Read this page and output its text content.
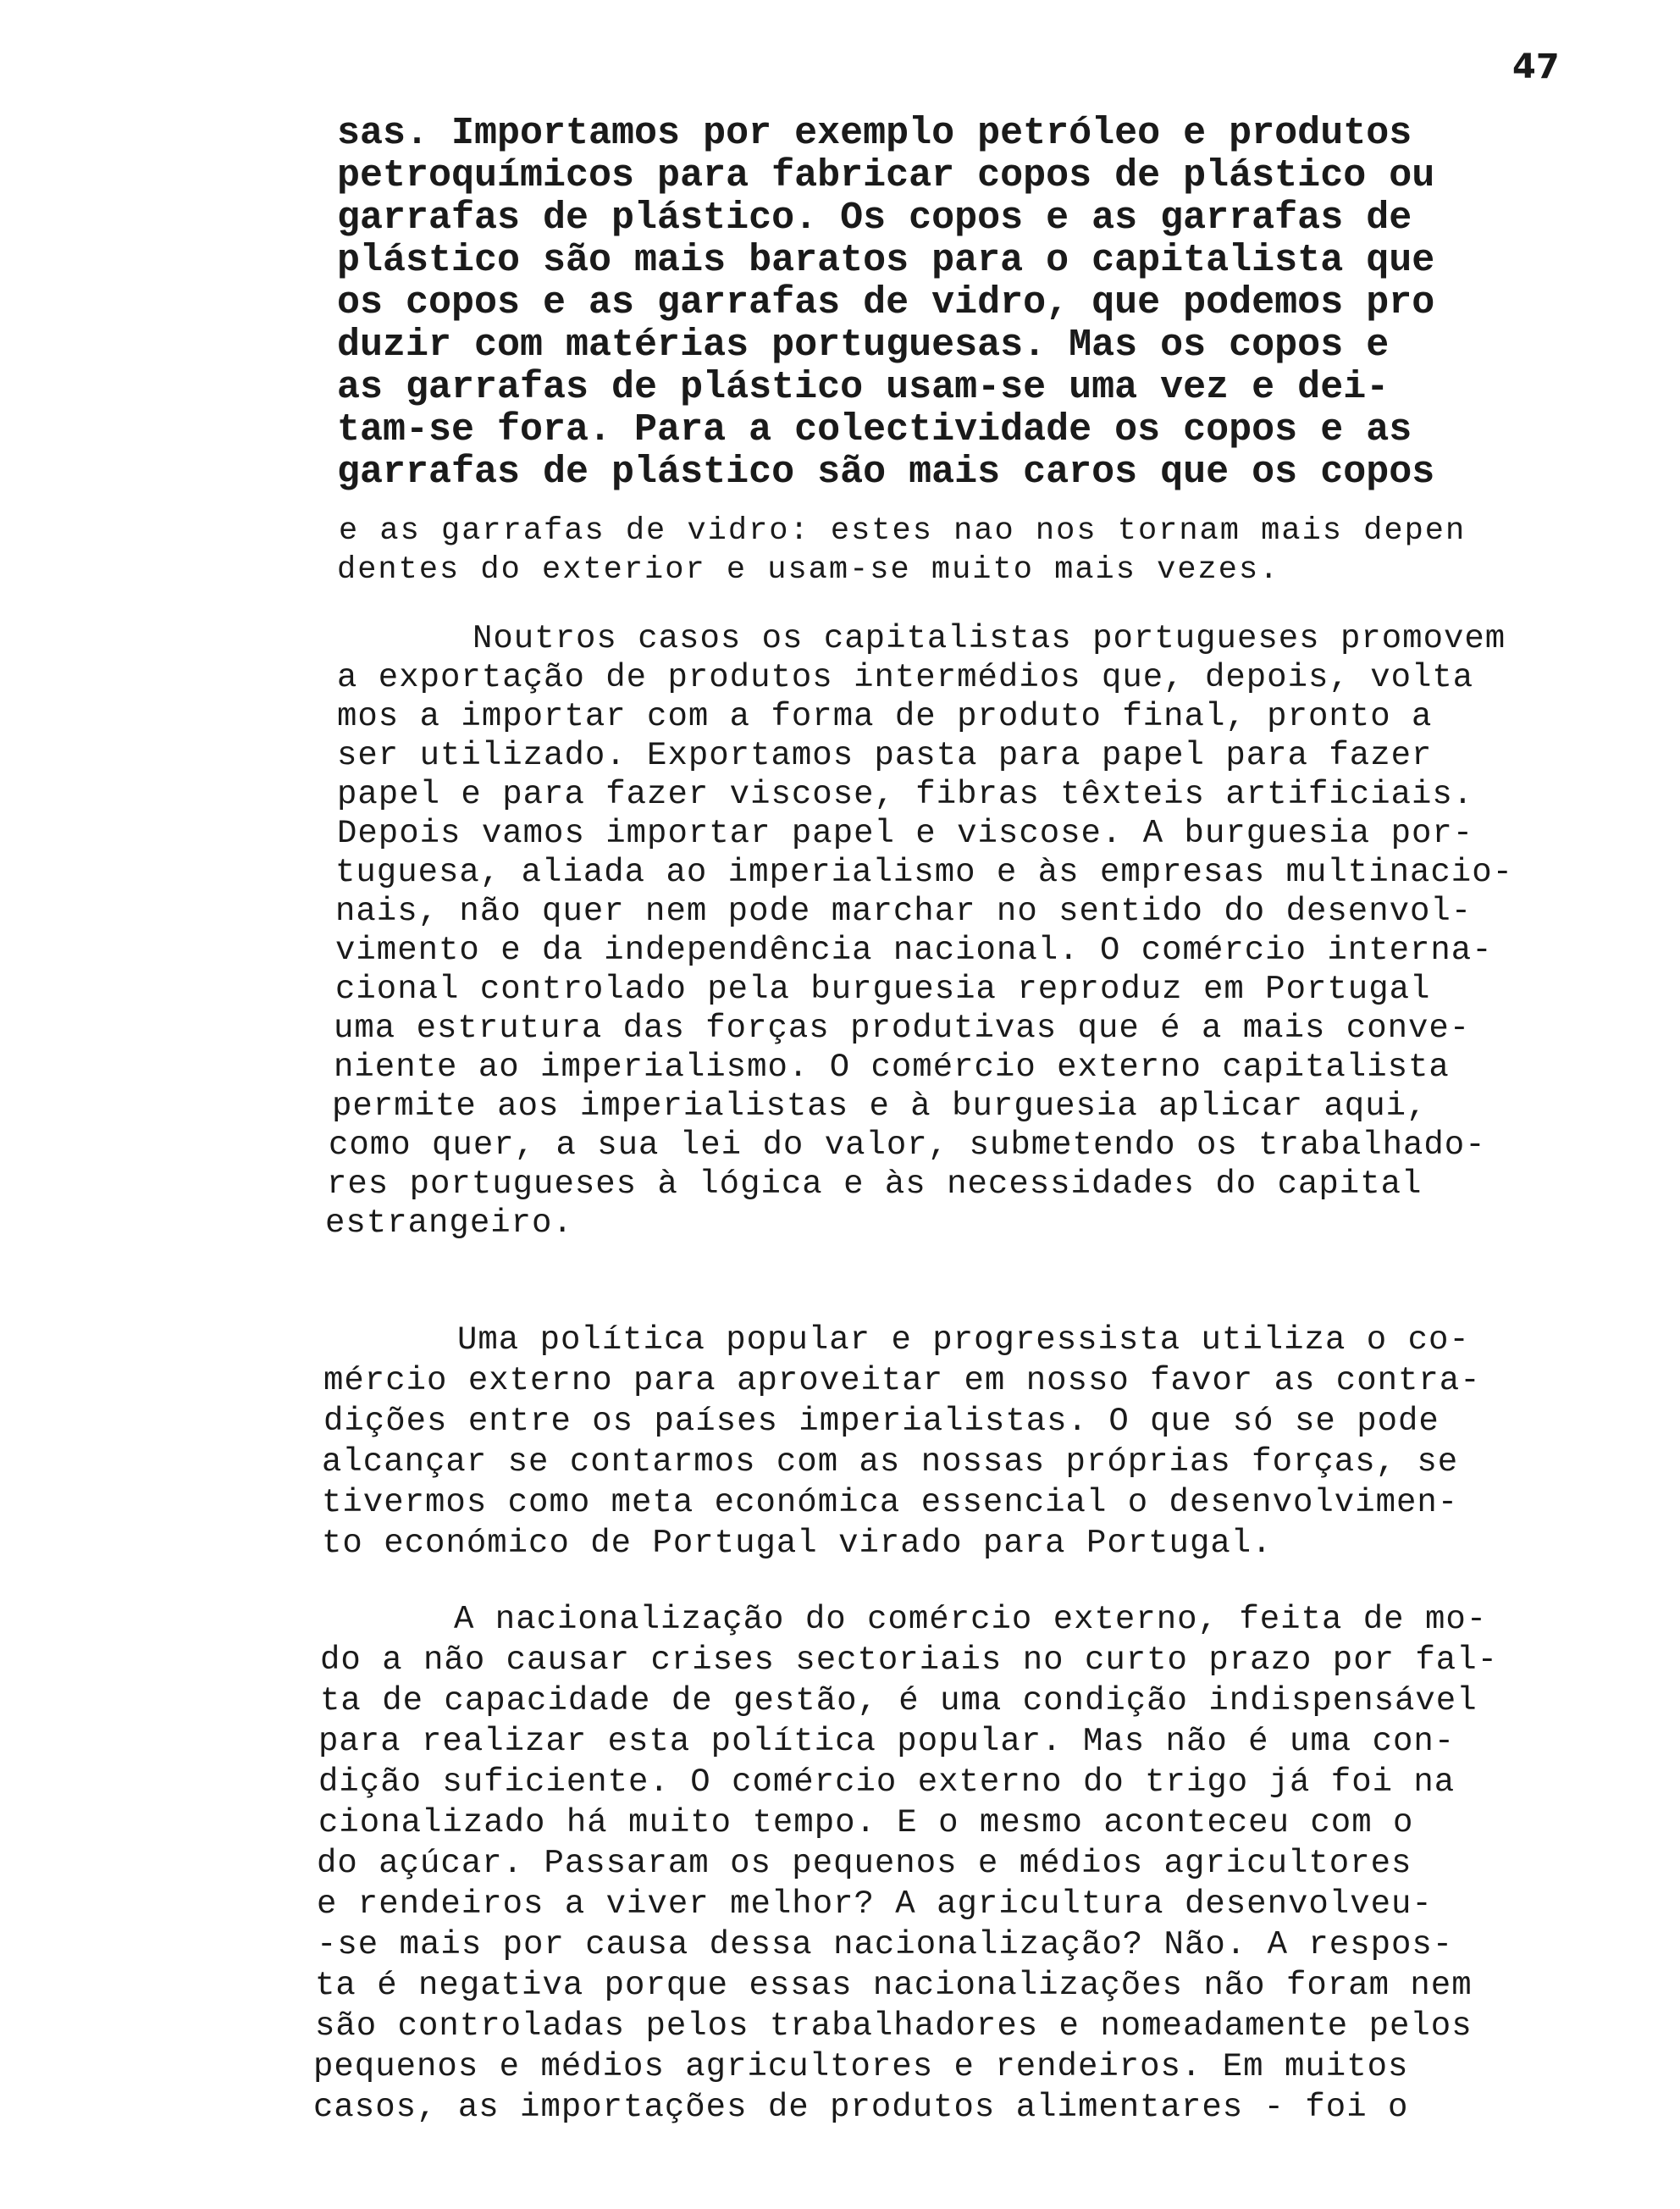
47
sas. Importamos por exemplo petróleo e produtos
petroquímicos para fabricar copos de plástico ou
garrafas de plástico. Os copos e as garrafas de
plástico são mais baratos para o capitalista que
os copos e as garrafas de vidro, que podemos pro
duzir com matérias portuguesas. Mas os copos e
as garrafas de plástico usam-se uma vez e dei-
tam-se fora. Para a colectividade os copos e as
garrafas de plástico são mais caros que os copos
e as garrafas de vidro: estes nao nos tornam mais depen
dentes do exterior e usam-se muito mais vezes.
Noutros casos os capitalistas portugueses promovem
a exportação de produtos intermédios que, depois, volta
mos a importar com a forma de produto final, pronto a
ser utilizado. Exportamos pasta para papel para fazer
papel e para fazer viscose, fibras têxteis artificiais.
Depois vamos importar papel e viscose. A burguesia por-
tuguesa, aliada ao imperialismo e às empresas multinacio-
nais, não quer nem pode marchar no sentido do desenvol-
vimento e da independência nacional. O comércio interna-
cional controlado pela burguesia reproduz em Portugal
uma estrutura das forças produtivas que é a mais conve-
niente ao imperialismo. O comércio externo capitalista
permite aos imperialistas e à burguesia aplicar aqui,
como quer, a sua lei do valor, submetendo os trabalhado-
res portugueses à lógica e às necessidades do capital
estrangeiro.
Uma política popular e progressista utiliza o co-
mércio externo para aproveitar em nosso favor as contra-
dições entre os países imperialistas. O que só se pode
alcançar se contarmos com as nossas próprias forças, se
tivermos como meta económica essencial o desenvolvimen-
to económico de Portugal virado para Portugal.
A nacionalização do comércio externo, feita de mo-
do a não causar crises sectoriais no curto prazo por fal-
ta de capacidade de gestão, é uma condição indispensável
para realizar esta política popular. Mas não é uma con-
dição suficiente. O comércio externo do trigo já foi na
cionalizado há muito tempo. E o mesmo aconteceu com o
do açúcar. Passaram os pequenos e médios agricultores
e rendeiros a viver melhor? A agricultura desenvolveu-
-se mais por causa dessa nacionalização? Não. A respos-
ta é negativa porque essas nacionalizações não foram nem
são controladas pelos trabalhadores e nomeadamente pelos
pequenos e médios agricultores e rendeiros. Em muitos
casos, as importações de produtos alimentares - foi o
